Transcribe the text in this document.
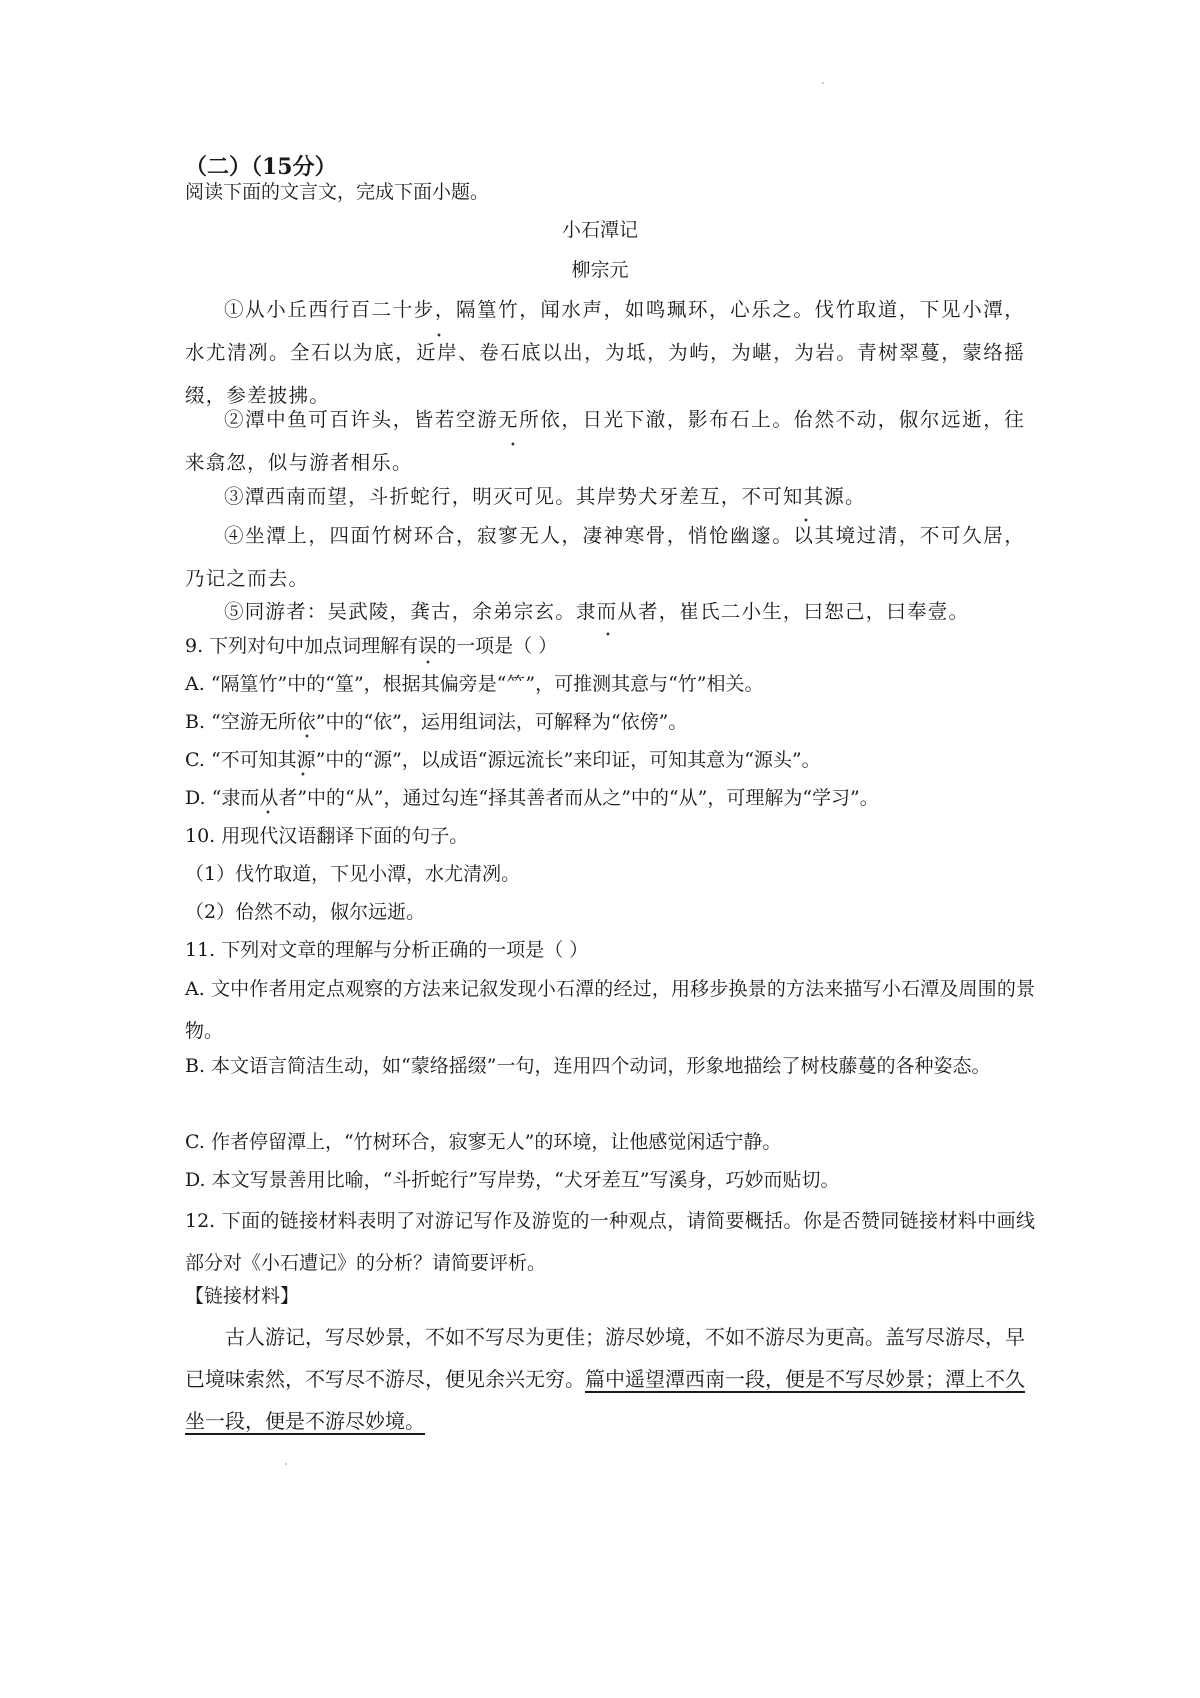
（二）（15分）
阅读下面的文言文，完成下面小题。
小石潭记
柳宗元
①从小丘西行百二十步，隔篁竹，闻水声，如鸣珮环，心乐之。伐竹取道，下见小潭，水尤清冽。全石以为底，近岸、卷石底以出，为坻，为屿，为嵁，为岩。青树翠蔓，蒙络摇缀，参差披拂。
②潭中鱼可百许头，皆若空游无所依，日光下澈，影布石上。佁然不动，俶尔远逝，往来翕忽，似与游者相乐。
③潭西南而望，斗折蛇行，明灭可见。其岸势犬牙差互，不可知其源。
④坐潭上，四面竹树环合，寂寥无人，凄神寒骨，悄怆幽邃。以其境过清，不可久居，乃记之而去。
⑤同游者：吴武陵，龚古，余弟宗玄。隶而从者，崔氏二小生，曰恕己，曰奉壹。
•
•
•
•
9. 下列对句中加点词理解有误的一项是（ ）
A. “隔篁竹”中的“篁”，根据其偏旁是“⺮”，可推测其意与“竹”相关。
B. “空游无所依”中的“依”，运用组词法，可解释为“依傍”。
C. “不可知其源”中的“源”，以成语“源远流长”来印证，可知其意为“源头”。
D. “隶而从者”中的“从”，通过勾连“择其善者而从之”中的“从”，可理解为“学习”。
•
•
•
•
10. 用现代汉语翻译下面的句子。
（1）伐竹取道，下见小潭，水尤清冽。
（2）佁然不动，俶尔远逝。
11. 下列对文章的理解与分析正确的一项是（ ）
A. 文中作者用定点观察的方法来记叙发现小石潭的经过，用移步换景的方法来描写小石潭及周围的景物。
B. 本文语言简洁生动，如“蒙络摇缀”一句，连用四个动词，形象地描绘了树枝藤蔓的各种姿态。
C. 作者停留潭上，“竹树环合，寂寥无人”的环境，让他感觉闲适宁静。
D. 本文写景善用比喻，“斗折蛇行”写岸势，“犬牙差互”写溪身，巧妙而贴切。
12. 下面的链接材料表明了对游记写作及游览的一种观点，请简要概括。你是否赞同链接材料中画线部分对《小石遭记》的分析？请简要评析。
【链接材料】
古人游记，写尽妙景，不如不写尽为更佳；游尽妙境，不如不游尽为更高。盖写尽游尽，早已境味索然，不写尽不游尽，便见余兴无穷。篇中遥望潭西南一段，便是不写尽妙景；潭上不久坐一段，便是不游尽妙境。
